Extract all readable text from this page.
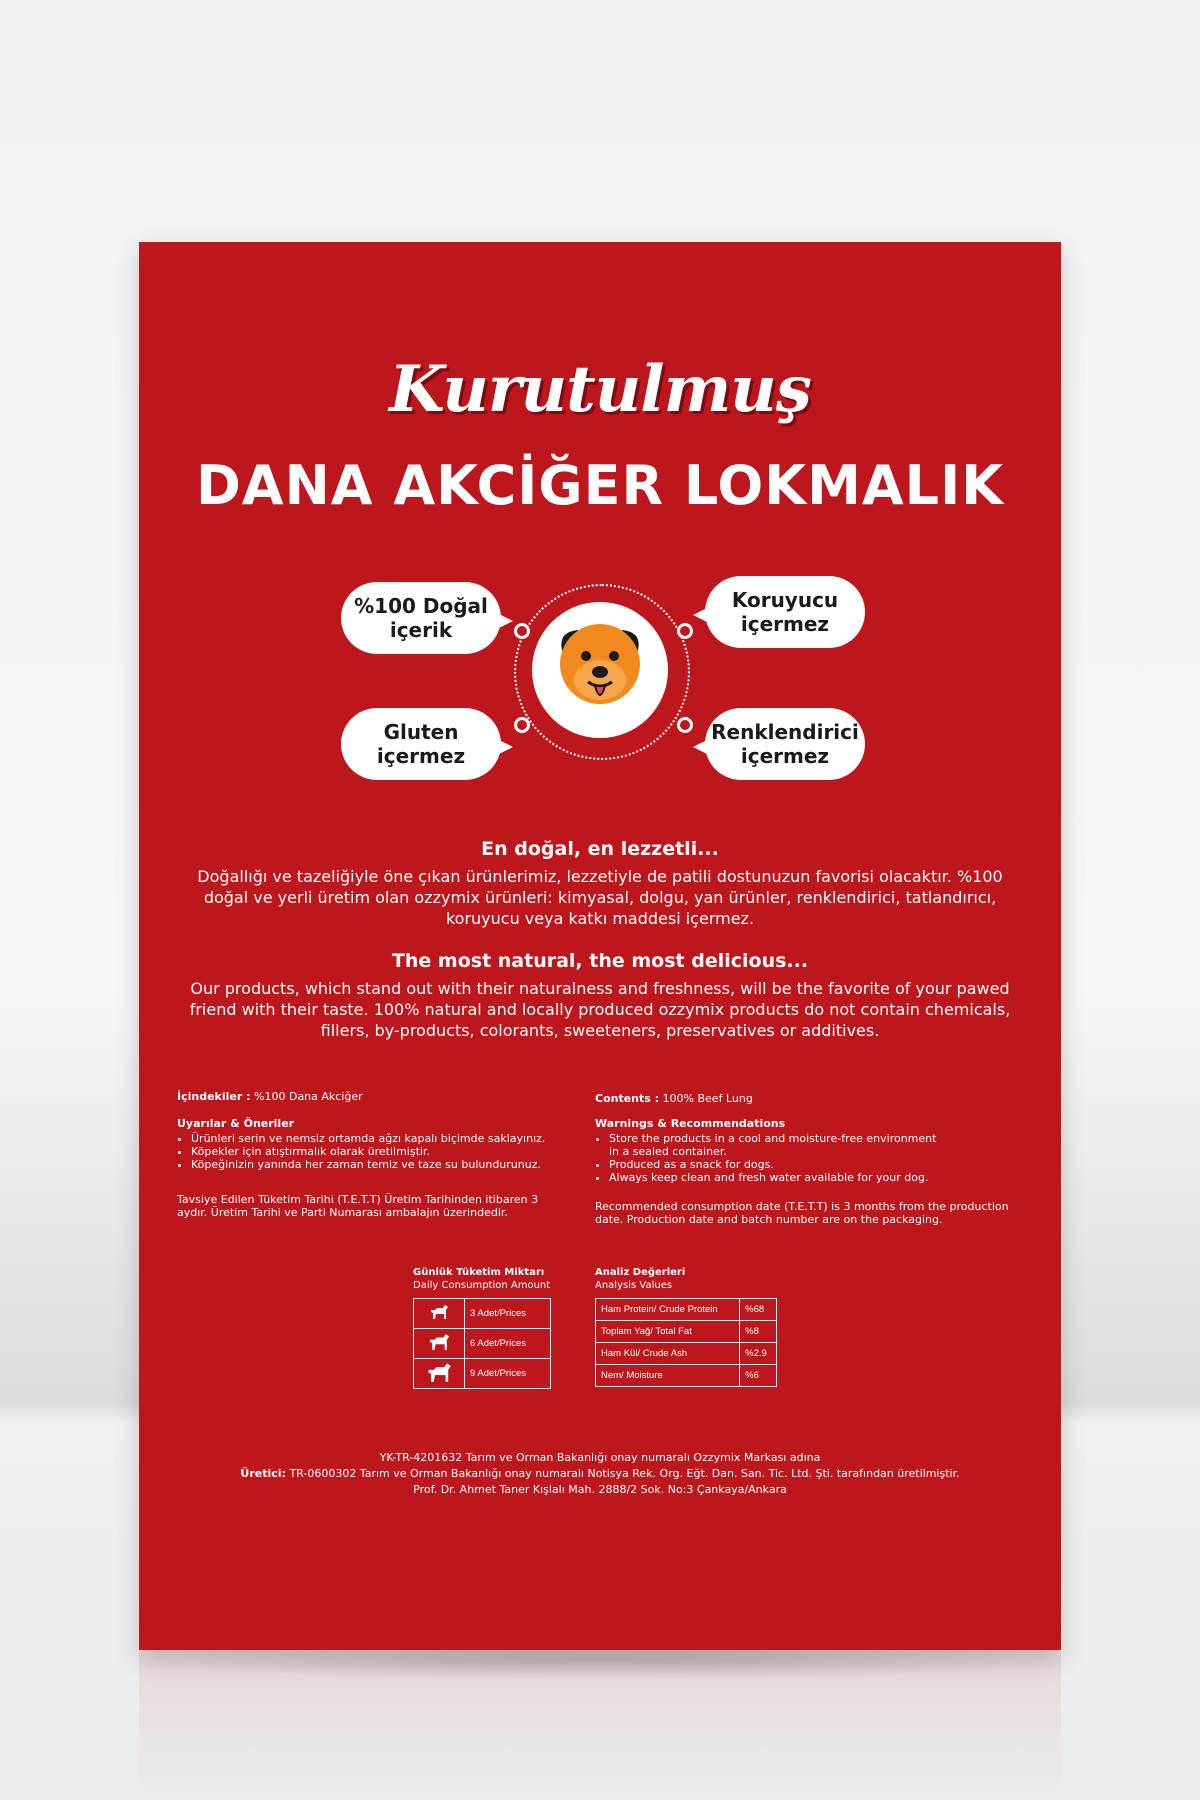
Kurutulmuş
DANA AKCİĞER LOKMALIK
%100 Doğal
içerik
Koruyucu
içermez
Gluten
içermez
Renklendirici
içermez
En doğal, en lezzetli...
Doğallığı ve tazeliğiyle öne çıkan ürünlerimiz, lezzetiyle de patili dostunuzun favorisi olacaktır. %100 doğal ve yerli üretim olan ozzymix ürünleri: kimyasal, dolgu, yan ürünler, renklendirici, tatlandırıcı, koruyucu veya katkı maddesi içermez.
The most natural, the most delicious...
Our products, which stand out with their naturalness and freshness, will be the favorite of your pawed friend with their taste. 100% natural and locally produced ozzymix products do not contain chemicals, fillers, by-products, colorants, sweeteners, preservatives or additives.
İçindekiler : %100 Dana Akciğer
Uyarılar & Öneriler
• Ürünleri serin ve nemsiz ortamda ağzı kapalı biçimde saklayınız.
• Köpekler için atıştırmalık olarak üretilmiştir.
• Köpeğinizin yanında her zaman temiz ve taze su bulundurunuz.
Tavsiye Edilen Tüketim Tarihi (T.E.T.T) Üretim Tarihinden itibaren 3 aydır. Üretim Tarihi ve Parti Numarası ambalajın üzerindedir.
Contents : 100% Beef Lung
Warnings & Recommendations
• Store the products in a cool and moisture-free environment in a sealed container.
• Produced as a snack for dogs.
• Always keep clean and fresh water available for your dog.
Recommended consumption date (T.E.T.T) is 3 months from the production date. Production date and batch number are on the packaging.
Günlük Tüketim Miktarı
Daily Consumption Amount
	3 Adet/Prices
	6 Adet/Prices
	9 Adet/Prices
Analiz Değerleri
Analysis Values
Ham Protein/ Crude Protein	%68
Toplam Yağ/ Total Fat	%8
Ham Kül/ Crude Ash	%2.9
Nem/ Moisture	%6
YK-TR-4201632 Tarım ve Orman Bakanlığı onay numaralı Ozzymix Markası adına
Üretici: TR-0600302 Tarım ve Orman Bakanlığı onay numaralı Notisya Rek. Org. Eğt. Dan. San. Tic. Ltd. Şti. tarafından üretilmiştir.
Prof. Dr. Ahmet Taner Kışlalı Mah. 2888/2 Sok. No:3 Çankaya/Ankara
